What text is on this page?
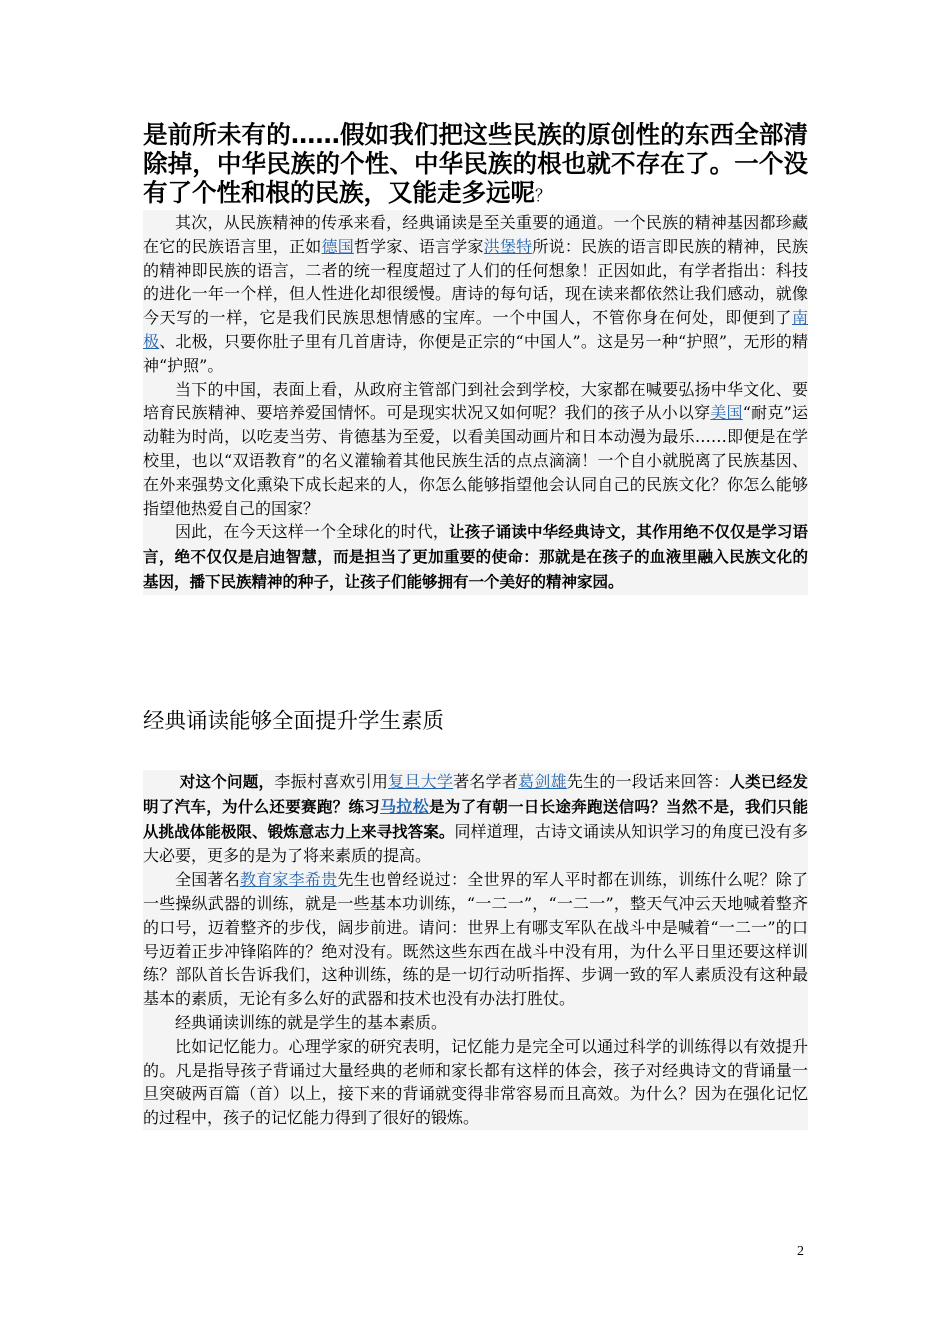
是前所未有的……假如我们把这些民族的原创性的东西全部清除掉，中华民族的个性、中华民族的根也就不存在了。一个没有了个性和根的民族，又能走多远呢？

其次，从民族精神的传承来看，经典诵读是至关重要的通道。一个民族的精神基因都珍藏在它的民族语言里，正如德国哲学家、语言学家洪堡特所说：民族的语言即民族的精神，民族的精神即民族的语言，二者的统一程度超过了人们的任何想象！正因如此，有学者指出：科技的进化一年一个样，但人性进化却很缓慢。唐诗的每句话，现在读来都依然让我们感动，就像今天写的一样，它是我们民族思想情感的宝库。一个中国人，不管你身在何处，即便到了南极、北极，只要你肚子里有几首唐诗，你便是正宗的“中国人”。这是另一种“护照”，无形的精神“护照”。

当下的中国，表面上看，从政府主管部门到社会到学校，大家都在喊要弘扬中华文化、要培育民族精神、要培养爱国情怀。可是现实状况又如何呢？我们的孩子从小以穿美国“耐克”运动鞋为时尚，以吃麦当劳、肯德基为至爱，以看美国动画片和日本动漫为最乐……即便是在学校里，也以“双语教育”的名义灌输着其他民族生活的点点滴滴！一个自小就脱离了民族基因、在外来强势文化熏染下成长起来的人，你怎么能够指望他会认同自己的民族文化？你怎么能够指望他热爱自己的国家？

因此，在今天这样一个全球化的时代，让孩子诵读中华经典诗文，其作用绝不仅仅是学习语言，绝不仅仅是启迪智慧，而是担当了更加重要的使命：那就是在孩子的血液里融入民族文化的基因，播下民族精神的种子，让孩子们能够拥有一个美好的精神家园。

经典诵读能够全面提升学生素质

对这个问题，李振村喜欢引用复旦大学著名学者葛剑雄先生的一段话来回答：人类已经发明了汽车，为什么还要赛跑？练习马拉松是为了有朝一日长途奔跑送信吗？当然不是，我们只能从挑战体能极限、锻炼意志力上来寻找答案。同样道理，古诗文诵读从知识学习的角度已没有多大必要，更多的是为了将来素质的提高。

全国著名教育家李希贵先生也曾经说过：全世界的军人平时都在训练，训练什么呢？除了一些操纵武器的训练，就是一些基本功训练，“一二一”，“一二一”，整天气冲云天地喊着整齐的口号，迈着整齐的步伐，阔步前进。请问：世界上有哪支军队在战斗中是喊着“一二一”的口号迈着正步冲锋陷阵的？绝对没有。既然这些东西在战斗中没有用，为什么平日里还要这样训练？部队首长告诉我们，这种训练，练的是一切行动听指挥、步调一致的军人素质没有这种最基本的素质，无论有多么好的武器和技术也没有办法打胜仗。

经典诵读训练的就是学生的基本素质。

比如记忆能力。心理学家的研究表明，记忆能力是完全可以通过科学的训练得以有效提升的。凡是指导孩子背诵过大量经典的老师和家长都有这样的体会，孩子对经典诗文的背诵量一旦突破两百篇（首）以上，接下来的背诵就变得非常容易而且高效。为什么？因为在强化记忆的过程中，孩子的记忆能力得到了很好的锻炼。

2
